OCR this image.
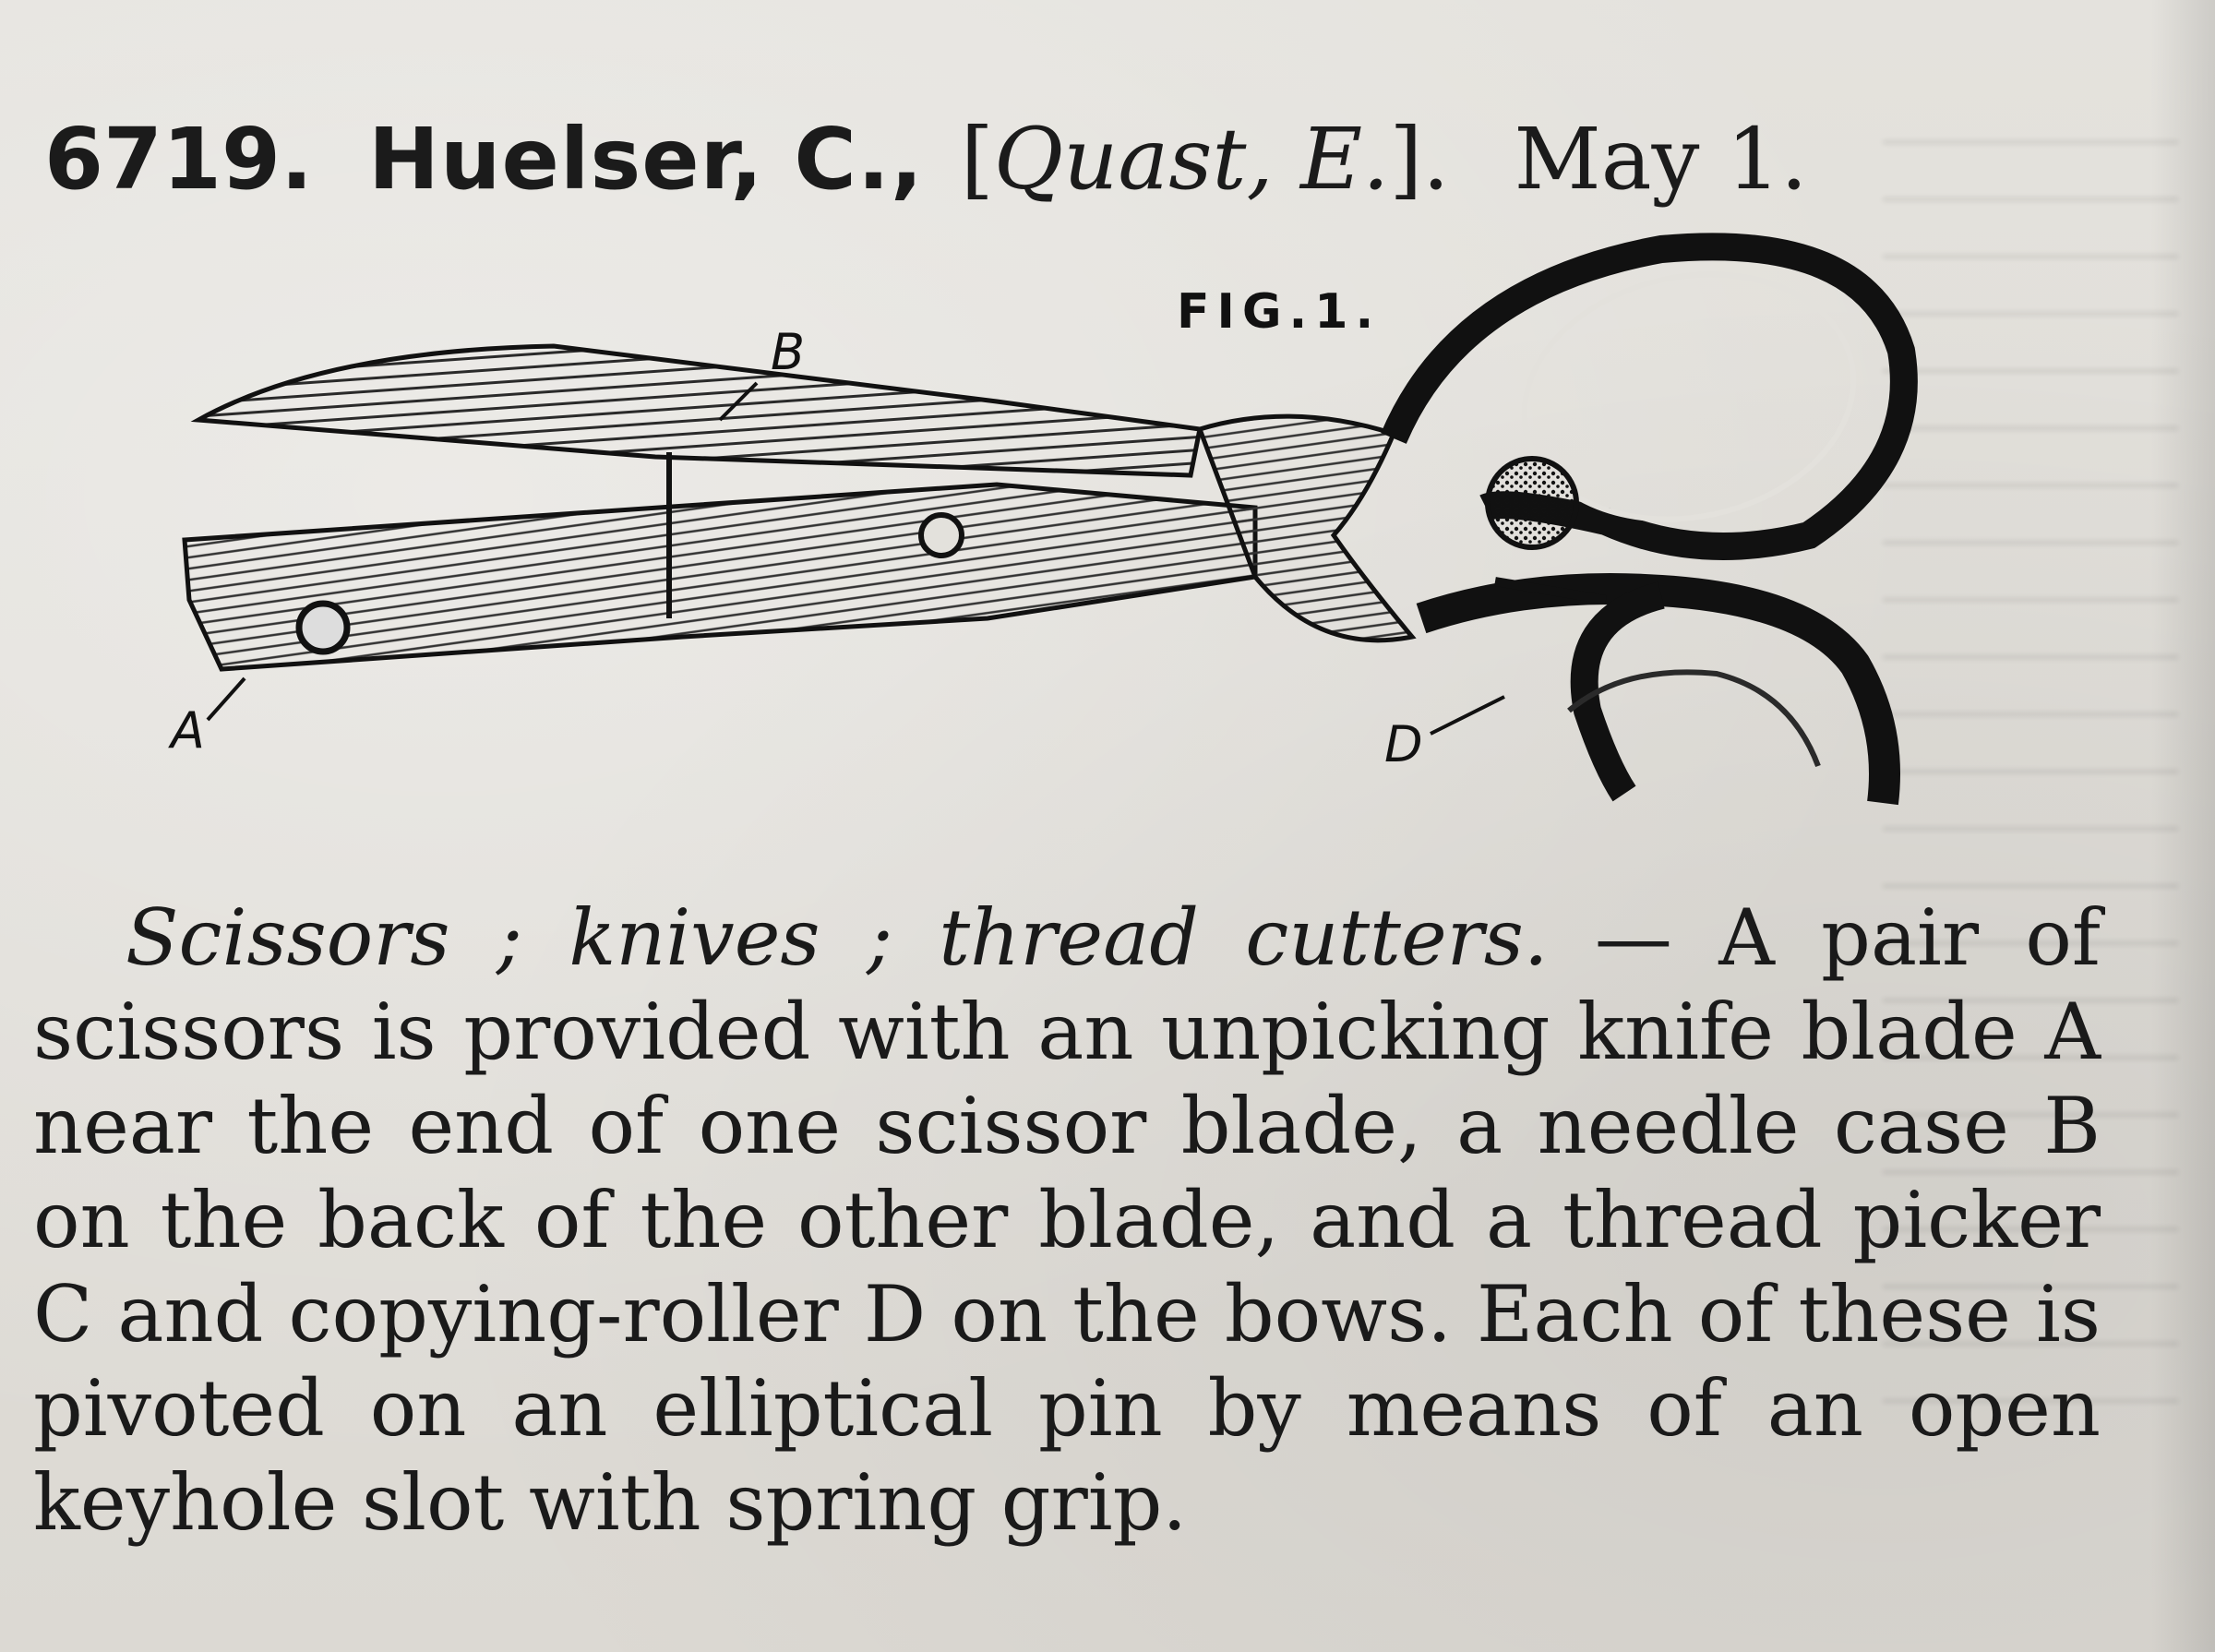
6719. Huelser, C., [Quast, E.]. May 1.
FIG.1.
B
A	D

Scissors ; knives ; thread cutters. — A pair of scissors is provided with an unpicking knife blade A near the end of one scissor blade, a needle case B on the back of the other blade, and a thread picker C and copying-roller D on the bows. Each of these is pivoted on an elliptical pin by means of an open keyhole slot with spring grip.
